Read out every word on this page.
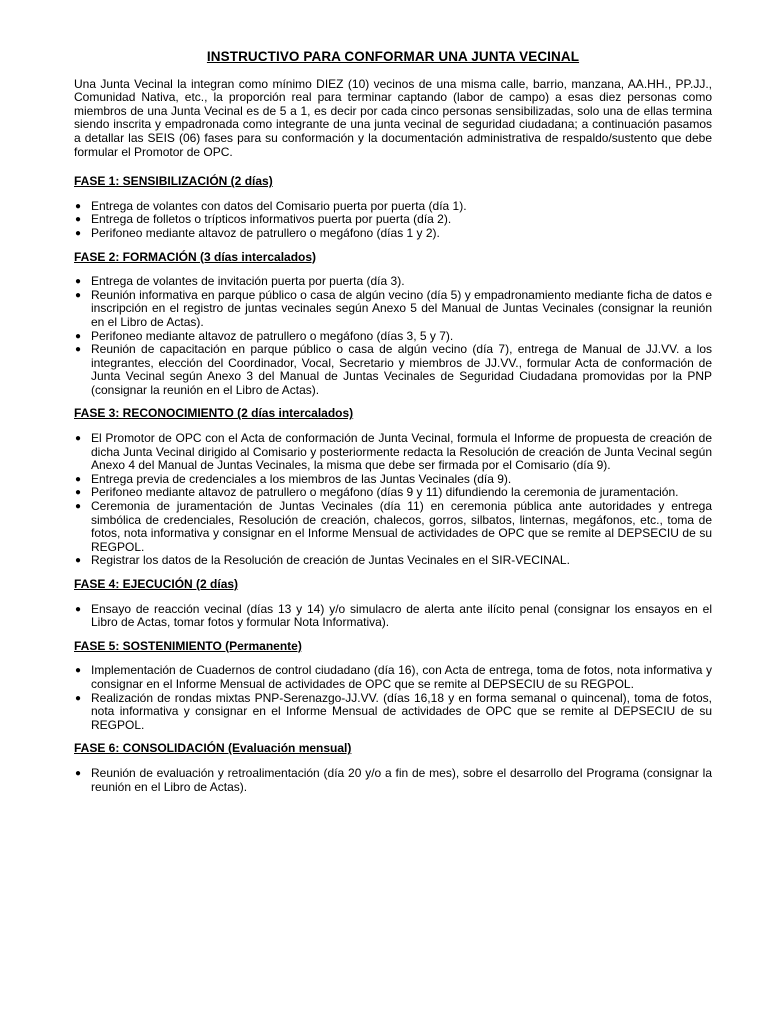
INSTRUCTIVO PARA CONFORMAR UNA JUNTA VECINAL
Una Junta Vecinal la integran como mínimo DIEZ (10) vecinos de una misma calle, barrio, manzana, AA.HH., PP.JJ., Comunidad Nativa, etc., la proporción real para terminar captando (labor de campo) a esas diez personas como miembros de una Junta Vecinal es de 5 a 1, es decir por cada cinco personas sensibilizadas, solo una de ellas termina siendo inscrita y empadronada como integrante de una junta vecinal de seguridad ciudadana; a continuación pasamos a detallar las SEIS (06) fases para su conformación y la documentación administrativa de respaldo/sustento que debe formular el Promotor de OPC.
FASE 1: SENSIBILIZACIÓN (2 días)
● Entrega de volantes con datos del Comisario puerta por puerta (día 1).
● Entrega de folletos o trípticos informativos puerta por puerta (día 2).
● Perifoneo mediante altavoz de patrullero o megáfono (días 1 y 2).
FASE 2: FORMACIÓN (3 días intercalados)
● Entrega de volantes de invitación puerta por puerta (día 3).
● Reunión informativa en parque público o casa de algún vecino (día 5) y empadronamiento mediante ficha de datos e inscripción en el registro de juntas vecinales según Anexo 5 del Manual de Juntas Vecinales (consignar la reunión en el Libro de Actas).
● Perifoneo mediante altavoz de patrullero o megáfono (días 3, 5 y 7).
● Reunión de capacitación en parque público o casa de algún vecino (día 7), entrega de Manual de JJ.VV. a los integrantes, elección del Coordinador, Vocal, Secretario y miembros de JJ.VV., formular Acta de conformación de Junta Vecinal según Anexo 3 del Manual de Juntas Vecinales de Seguridad Ciudadana promovidas por la PNP (consignar la reunión en el Libro de Actas).
FASE 3: RECONOCIMIENTO (2 días intercalados)
● El Promotor de OPC con el Acta de conformación de Junta Vecinal, formula el Informe de propuesta de creación de dicha Junta Vecinal dirigido al Comisario y posteriormente redacta la Resolución de creación de Junta Vecinal según Anexo 4 del Manual de Juntas Vecinales, la misma que debe ser firmada por el Comisario (día 9).
● Entrega previa de credenciales a los miembros de las Juntas Vecinales (día 9).
● Perifoneo mediante altavoz de patrullero o megáfono (días 9 y 11) difundiendo la ceremonia de juramentación.
● Ceremonia de juramentación de Juntas Vecinales (día 11) en ceremonia pública ante autoridades y entrega simbólica de credenciales, Resolución de creación, chalecos, gorros, silbatos, linternas, megáfonos, etc., toma de fotos, nota informativa y consignar en el Informe Mensual de actividades de OPC que se remite al DEPSECIU de su REGPOL.
● Registrar los datos de la Resolución de creación de Juntas Vecinales en el SIR-VECINAL.
FASE 4: EJECUCIÓN (2 días)
● Ensayo de reacción vecinal (días 13 y 14) y/o simulacro de alerta ante ilícito penal (consignar los ensayos en el Libro de Actas, tomar fotos y formular Nota Informativa).
FASE 5: SOSTENIMIENTO (Permanente)
● Implementación de Cuadernos de control ciudadano (día 16), con Acta de entrega, toma de fotos, nota informativa y consignar en el Informe Mensual de actividades de OPC que se remite al DEPSECIU de su REGPOL.
● Realización de rondas mixtas PNP-Serenazgo-JJ.VV. (días 16,18 y en forma semanal o quincenal), toma de fotos, nota informativa y consignar en el Informe Mensual de actividades de OPC que se remite al DEPSECIU de su REGPOL.
FASE 6: CONSOLIDACIÓN (Evaluación mensual)
● Reunión de evaluación y retroalimentación (día 20 y/o a fin de mes), sobre el desarrollo del Programa (consignar la reunión en el Libro de Actas).
